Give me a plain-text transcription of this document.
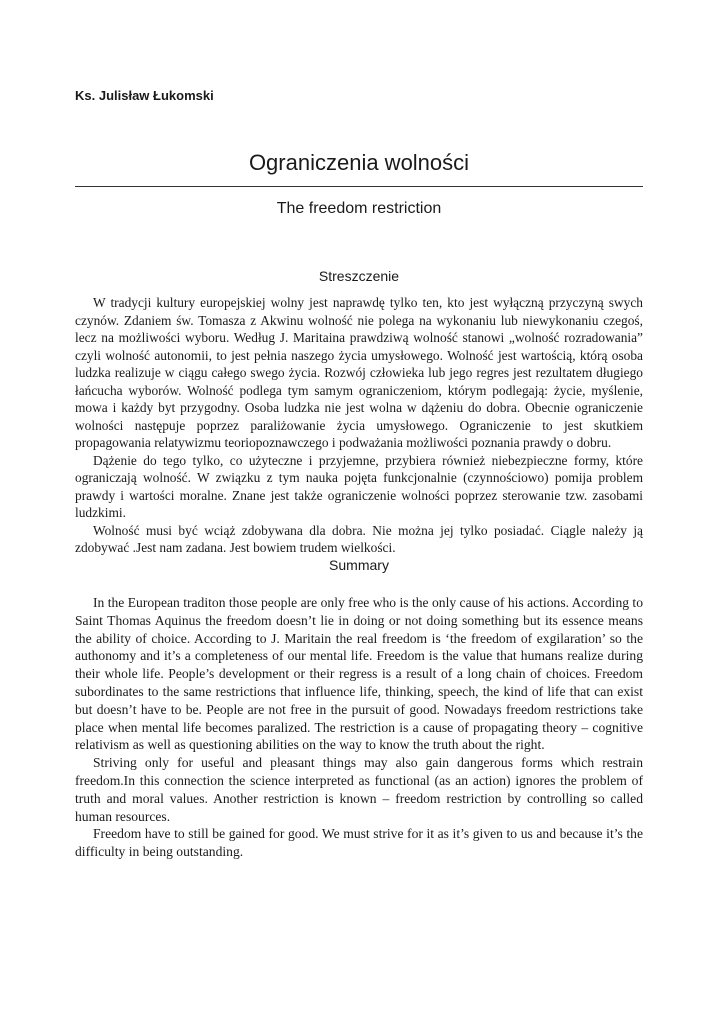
Ks. Julisław Łukomski
Ograniczenia wolności
The freedom restriction
Streszczenie

W tradycji kultury europejskiej wolny jest naprawdę tylko ten, kto jest wyłączną przyczyną swych czynów. Zdaniem św. Tomasza z Akwinu wolność nie polega na wykonaniu lub niewykonaniu czegoś, lecz na możliwości wyboru. Według J. Maritaina prawdziwą wolność stanowi „wolność rozradowania” czyli wolność autonomii, to jest pełnia naszego życia umysłowego. Wolność jest wartością, którą osoba ludzka realizuje w ciągu całego swego życia. Rozwój człowieka lub jego regres jest rezultatem długiego łańcucha wyborów. Wolność podlega tym samym ograniczeniom, którym podlegają: życie, myślenie, mowa i każdy byt przygodny. Osoba ludzka nie jest wolna w dążeniu do dobra. Obecnie ograniczenie wolności następuje poprzez paraliżowanie życia umysłowego. Ograniczenie to jest skutkiem propagowania relatywizmu teoriopoznawczego i podważania możliwości poznania prawdy o dobru.

Dążenie do tego tylko, co użyteczne i przyjemne, przybiera również niebezpieczne formy, które ograniczają wolność. W związku z tym nauka pojęta funkcjonalnie (czynnościowo) pomija problem prawdy i wartości moralne. Znane jest także ograniczenie wolności poprzez sterowanie tzw. zasobami ludzkimi.

Wolność musi być wciąż zdobywana dla dobra. Nie można jej tylko posiadać. Ciągle należy ją zdobywać .Jest nam zadana. Jest bowiem trudem wielkości.

Summary

In the European traditon those people are only free who is the only cause of his actions. According to Saint Thomas Aquinus the freedom doesn’t lie in doing or not doing something but its essence means the ability of choice. According to J. Maritain the real freedom is ‘the freedom of exgilaration’ so the authonomy and it’s a completeness of our mental life. Freedom is the value that humans realize during their whole life. People’s development or their regress is a result of a long chain of choices. Freedom subordinates to the same restrictions that influence life, thinking, speech, the kind of life that can exist but doesn’t have to be. People are not free in the pursuit of good. Nowadays freedom restrictions take place when mental life becomes paralized. The restriction is a cause of propagating theory – cognitive relativism as well as questioning abilities on the way to know the truth about the right.

Striving only for useful and pleasant things may also gain dangerous forms which restrain freedom.In this connection the science interpreted as functional (as an action) ignores the problem of truth and moral values. Another restriction is known – freedom restriction by controlling so called human resources.

Freedom have to still be gained for good. We must strive for it as it’s given to us and because it’s the difficulty in being outstanding.
